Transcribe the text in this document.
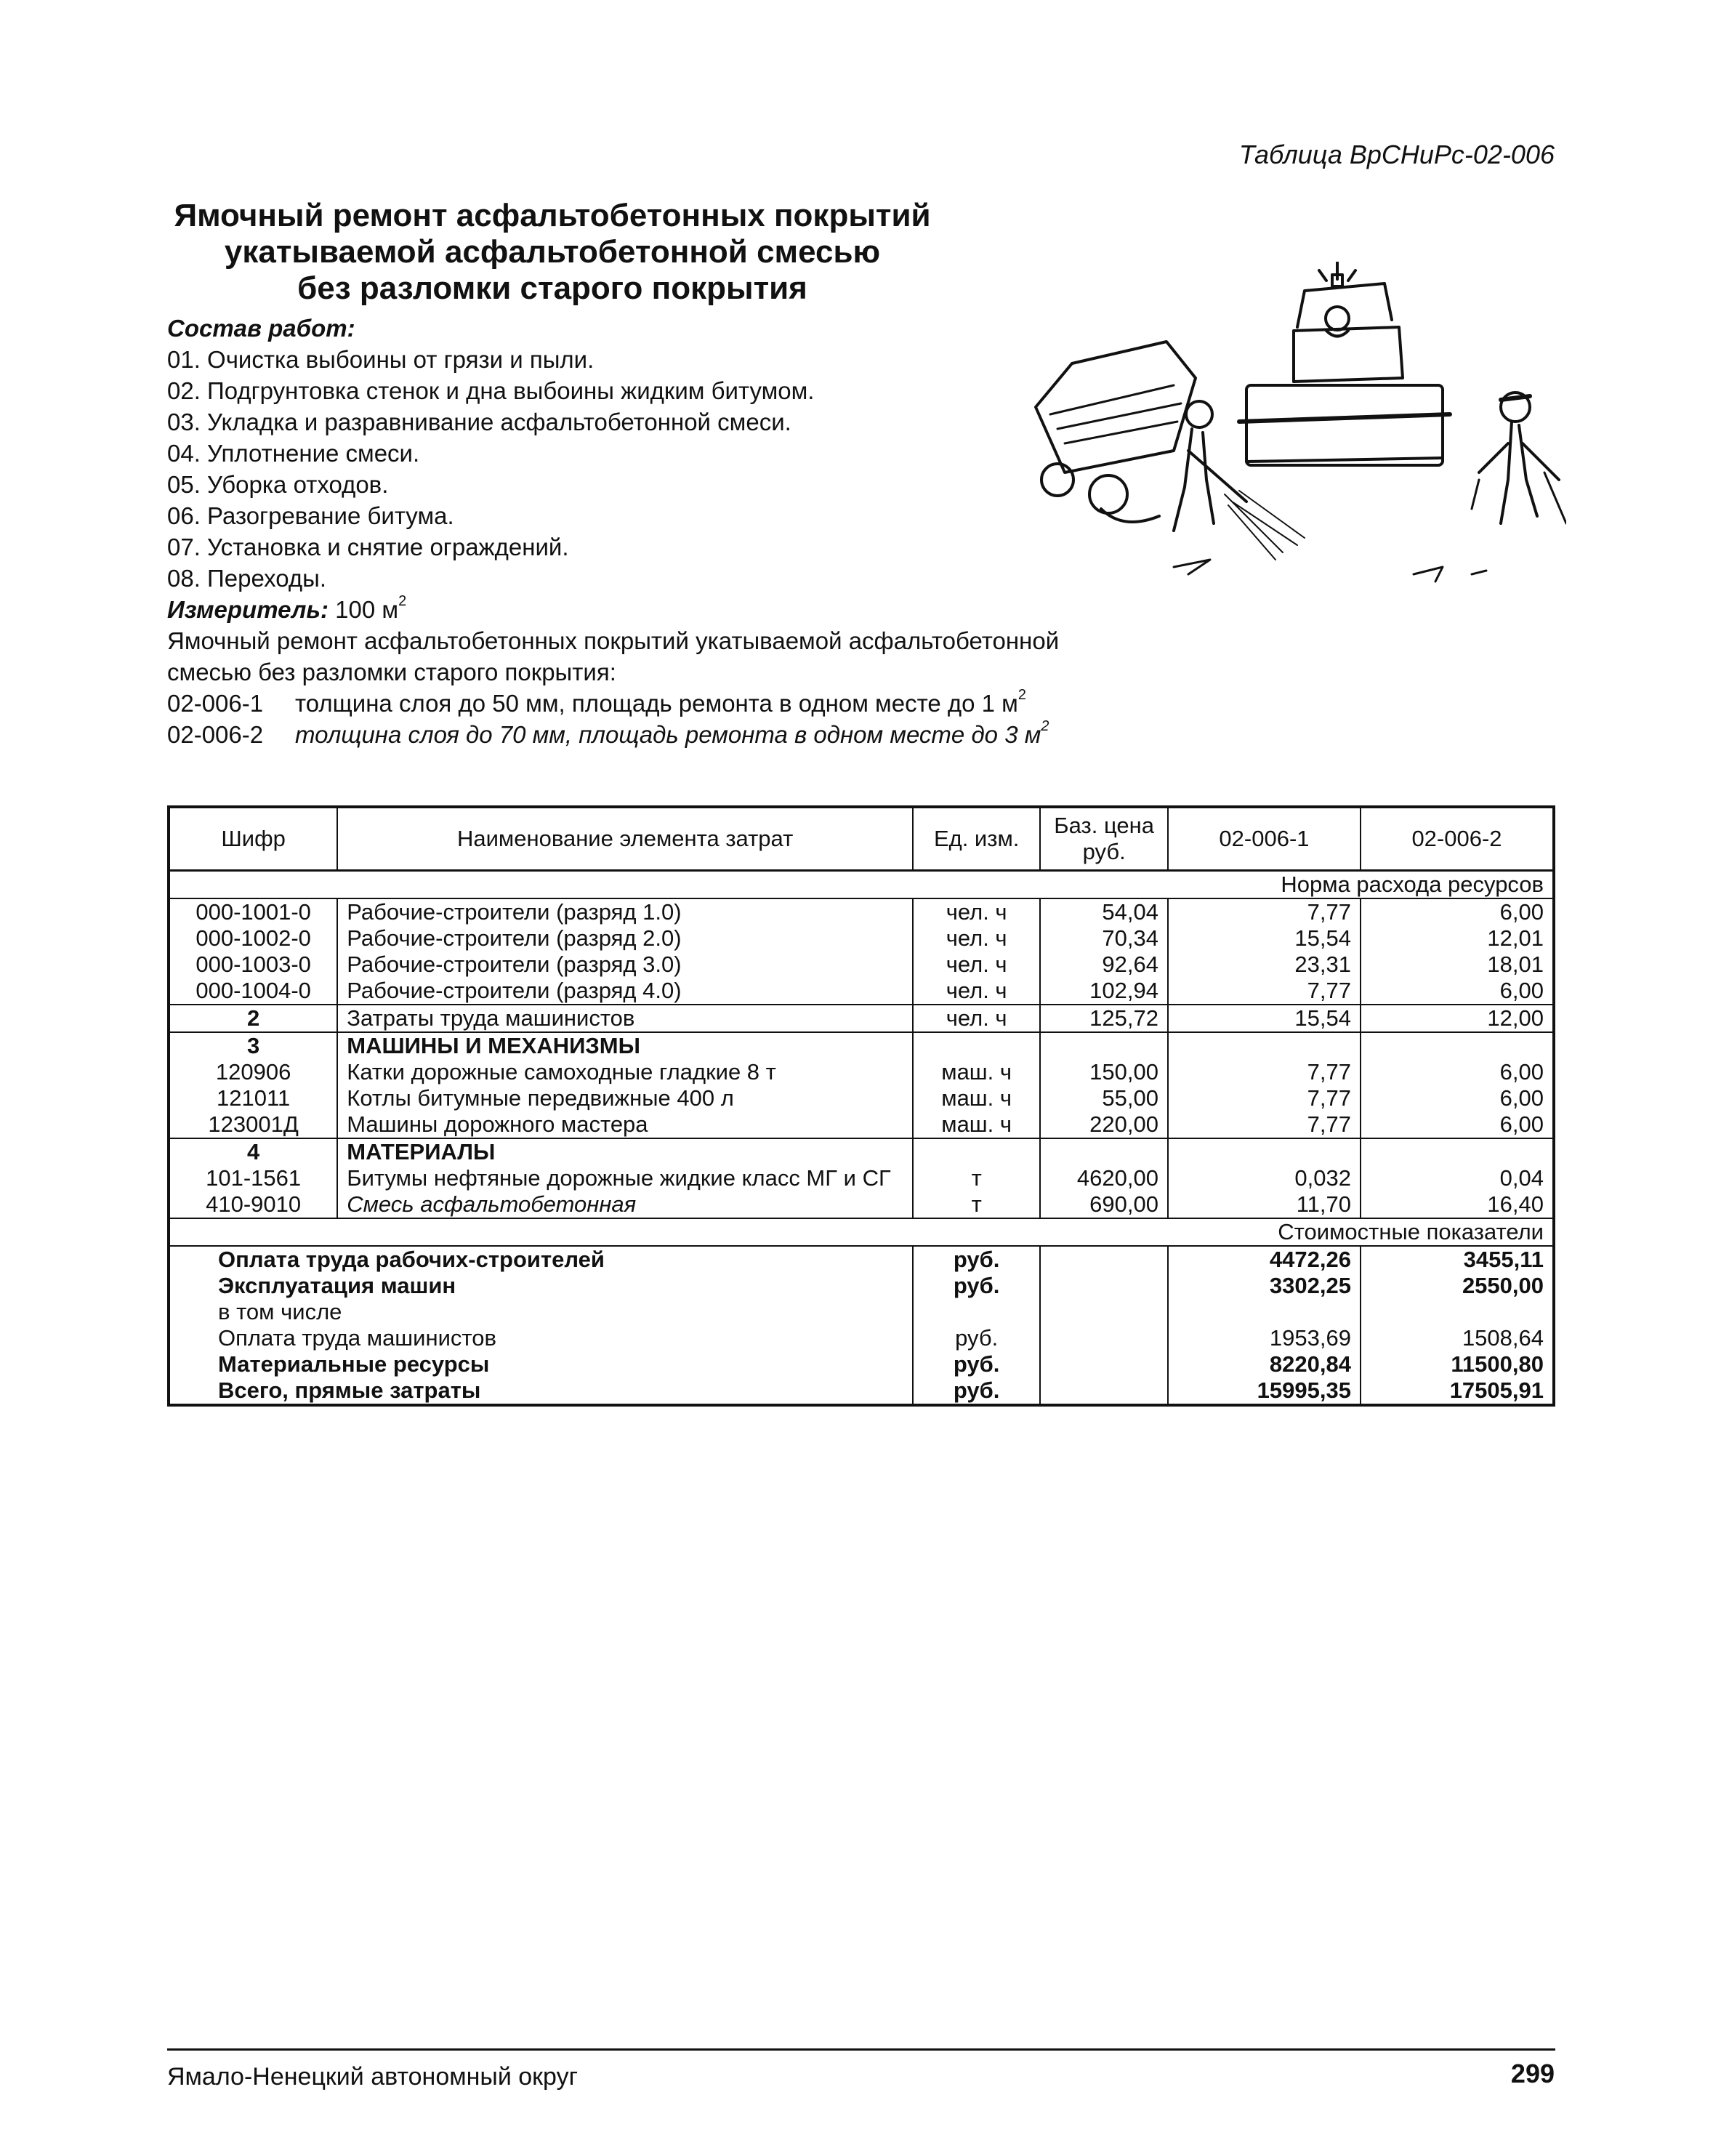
Таблица ВрСНиРс-02-006
Ямочный ремонт асфальтобетонных покрытий
укатываемой асфальтобетонной смесью
без разломки старого покрытия
Состав работ:
01. Очистка выбоины от грязи и пыли.
02. Подгрунтовка стенок и дна выбоины жидким битумом.
03. Укладка и разравнивание асфальтобетонной смеси.
04. Уплотнение смеси.
05. Уборка отходов.
06. Разогревание битума.
07. Установка и снятие ограждений.
08. Переходы.
Измеритель: 100 $м^2$
Ямочный ремонт асфальтобетонных покрытий укатываемой асфальтобетонной смесью без разломки старого покрытия:
02-006-1 толщина слоя до 50 мм, площадь ремонта в одном месте до 1 $м^2$
02-006-2 толщина слоя до 70 мм, площадь ремонта в одном месте до 3 $м^2$
Шифр	Наименование элемента затрат	Ед. изм.	Баз. цена руб.	02-006-1	02-006-2
				Норма расхода ресурсов	
000-1001-0	Рабочие-строители (разряд 1.0)	чел. ч	54,04	7,77	6,00
000-1002-0	Рабочие-строители (разряд 2.0)	чел. ч	70,34	15,54	12,01
000-1003-0	Рабочие-строители (разряд 3.0)	чел. ч	92,64	23,31	18,01
000-1004-0	Рабочие-строители (разряд 4.0)	чел. ч	102,94	7,77	6,00
2	Затраты труда машинистов	чел. ч	125,72	15,54	12,00
3	МАШИНЫ И МЕХАНИЗМЫ				
120906	Катки дорожные самоходные гладкие 8 т	маш. ч	150,00	7,77	6,00
121011	Котлы битумные передвижные 400 л	маш. ч	55,00	7,77	6,00
123001Д	Машины дорожного мастера	маш. ч	220,00	7,77	6,00
4	МАТЕРИАЛЫ				
101-1561	Битумы нефтяные дорожные жидкие класс МГ и СГ	т	4620,00	0,032	0,04
410-9010	Смесь асфальтобетонная	т	690,00	11,70	16,40
				Стоимостные показатели	
Оплата труда рабочих-строителей		руб.		4472,26	3455,11
Эксплуатация машин		руб.		3302,25	2550,00
в том числе					
Оплата труда машинистов		руб.		1953,69	1508,64
Материальные ресурсы		руб.		8220,84	11500,80
Всего, прямые затраты		руб.		15995,35	17505,91
Ямало-Ненецкий автономный округ	299
